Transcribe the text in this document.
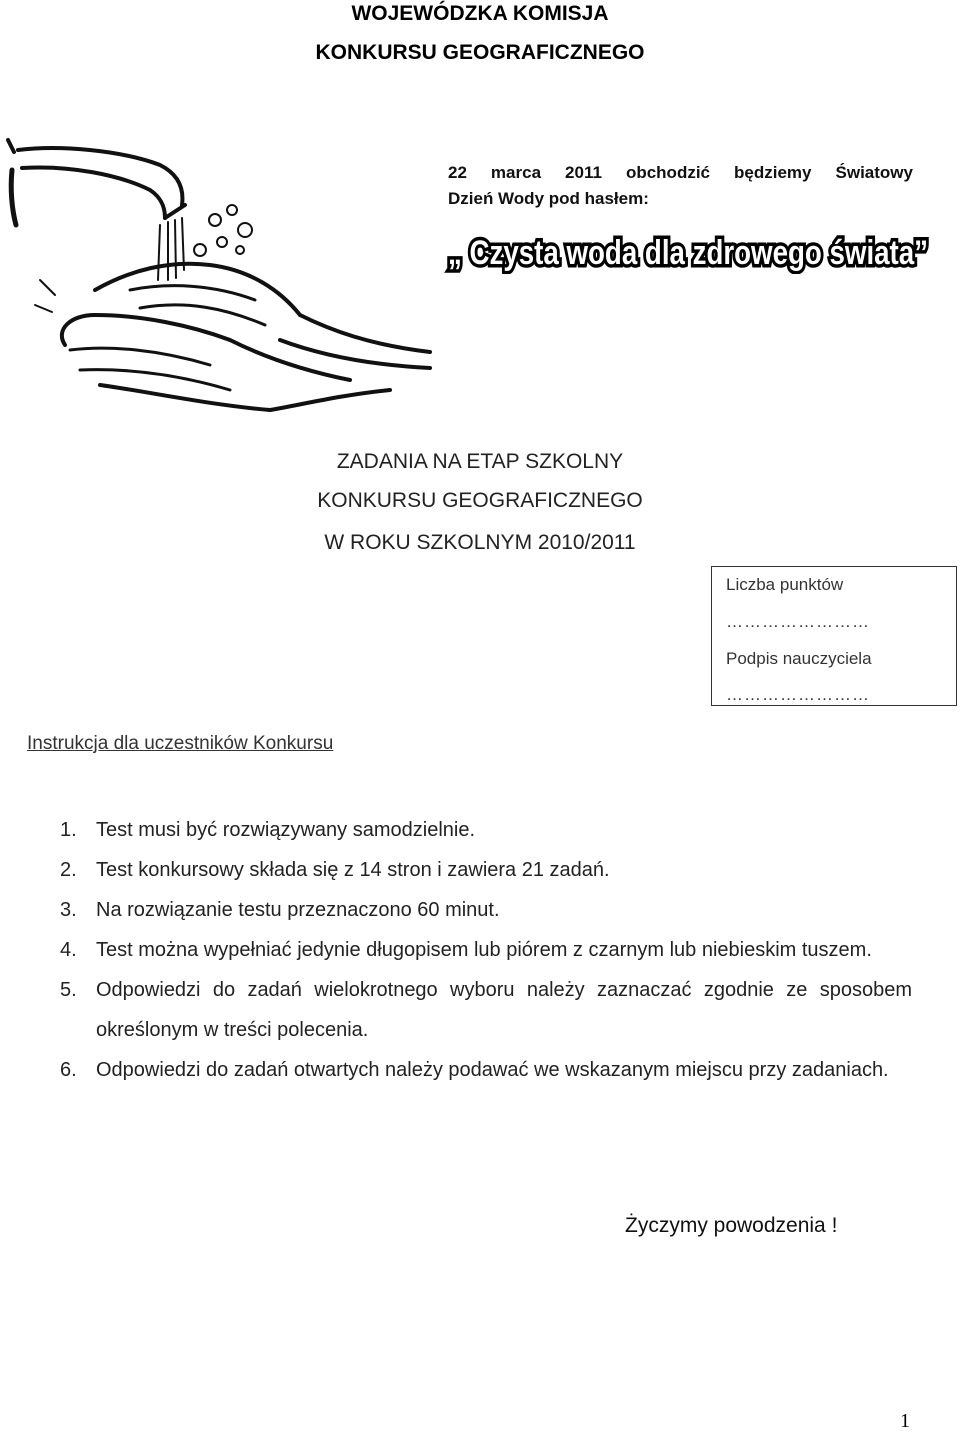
WOJEWÓDZKA KOMISJA
KONKURSU GEOGRAFICZNEGO
22 marca 2011 obchodzić będziemy Światowy
Dzień Wody pod hasłem:
„ Czysta woda dla zdrowego świata”
ZADANIA NA ETAP SZKOLNY
KONKURSU GEOGRAFICZNEGO
W ROKU SZKOLNYM 2010/2011
Liczba punktów
……………………
Podpis nauczyciela
……………………
Instrukcja dla uczestników Konkursu
1. Test musi być rozwiązywany samodzielnie.
2. Test konkursowy składa się z 14 stron i zawiera 21 zadań.
3. Na rozwiązanie testu przeznaczono 60 minut.
4. Test można wypełniać jedynie długopisem lub piórem z czarnym lub niebieskim tuszem.
5. Odpowiedzi do zadań wielokrotnego wyboru należy zaznaczać zgodnie ze sposobem określonym w treści polecenia.
6. Odpowiedzi do zadań otwartych należy podawać we wskazanym miejscu przy zadaniach.
Życzymy powodzenia !
1
